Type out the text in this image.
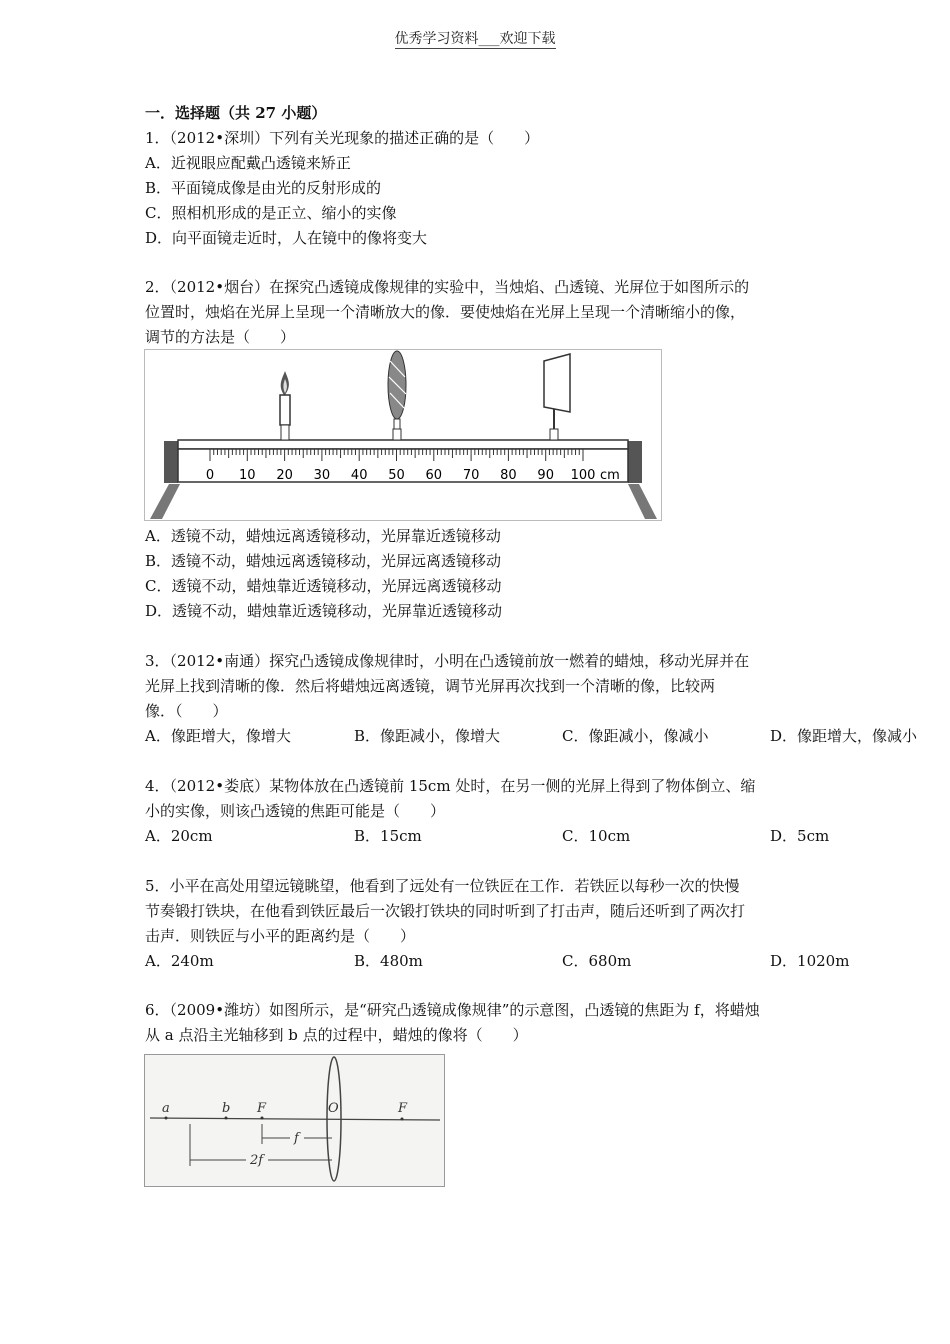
优秀学习资料___欢迎下载
一．选择题（共 27 小题）
1．（2012•深圳）下列有关光现象的描述正确的是（　　）
A．近视眼应配戴凸透镜来矫正
B．平面镜成像是由光的反射形成的
C．照相机形成的是正立、缩小的实像
D．向平面镜走近时，人在镜中的像将变大
2．（2012•烟台）在探究凸透镜成像规律的实验中，当烛焰、凸透镜、光屏位于如图所示的
位置时，烛焰在光屏上呈现一个清晰放大的像．要使烛焰在光屏上呈现一个清晰缩小的像，
调节的方法是（　　）
0 10 20 30 40 50 60 70 80 90 100 cm
A．透镜不动，蜡烛远离透镜移动，光屏靠近透镜移动
B．透镜不动，蜡烛远离透镜移动，光屏远离透镜移动
C．透镜不动，蜡烛靠近透镜移动，光屏远离透镜移动
D．透镜不动，蜡烛靠近透镜移动，光屏靠近透镜移动
3．（2012•南通）探究凸透镜成像规律时，小明在凸透镜前放一燃着的蜡烛，移动光屏并在
光屏上找到清晰的像．然后将蜡烛远离透镜，调节光屏再次找到一个清晰的像，比较两
像．（　　）
A．像距增大，像增大	B．像距减小，像增大	C．像距减小，像减小	D．像距增大，像减小
4．（2012•娄底）某物体放在凸透镜前 15cm 处时，在另一侧的光屏上得到了物体倒立、缩
小的实像，则该凸透镜的焦距可能是（　　）
A．20cm	B．15cm	C．10cm	D．5cm
5．小平在高处用望远镜眺望，他看到了远处有一位铁匠在工作．若铁匠以每秒一次的快慢
节奏锻打铁块，在他看到铁匠最后一次锻打铁块的同时听到了打击声，随后还听到了两次打
击声．则铁匠与小平的距离约是（　　）
A．240m	B．480m	C．680m	D．1020m
6．（2009•潍坊）如图所示，是“研究凸透镜成像规律”的示意图，凸透镜的焦距为 f，将蜡烛
从 a 点沿主光轴移到 b 点的过程中，蜡烛的像将（　　）
a	b F	O	F
f
2f
